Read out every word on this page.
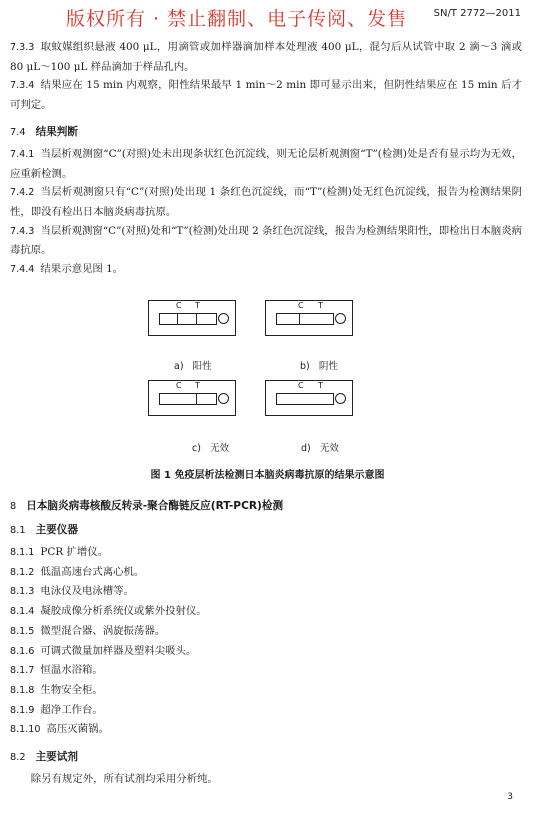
版权所有 · 禁止翻制、电子传阅、发售	SN/T 2772—2011

7.3.3 取蚊媒组织悬液 400 μL，用滴管或加样器滴加样本处理液 400 μL，混匀后从试管中取 2 滴～3 滴或 80 μL～100 μL 样品滴加于样品孔内。

7.3.4 结果应在 15 min 内观察，阳性结果最早 1 min～2 min 即可显示出来，但阴性结果应在 15 min 后才可判定。

7.4 结果判断

7.4.1 当层析观测窗“C”(对照)处未出现条状红色沉淀线，则无论层析观测窗“T”(检测)处是否有显示均为无效，应重新检测。

7.4.2 当层析观测窗只有“C”(对照)处出现 1 条红色沉淀线，而“T”(检测)处无红色沉淀线，报告为检测结果阴性，即没有检出日本脑炎病毒抗原。

7.4.3 当层析观测窗“C”(对照)处和“T”(检测)处出现 2 条红色沉淀线，报告为检测结果阳性，即检出日本脑炎病毒抗原。

7.4.4 结果示意见图 1。

C T
a) 阳性
C T
b) 阴性
C T
c) 无效
C T
d) 无效
图 1 免疫层析法检测日本脑炎病毒抗原的结果示意图
8 日本脑炎病毒核酸反转录-聚合酶链反应(RT-PCR)检测
8.1 主要仪器

8.1.1 PCR 扩增仪。

8.1.2 低温高速台式离心机。

8.1.3 电泳仪及电泳槽等。

8.1.4 凝胶成像分析系统仪或紫外投射仪。

8.1.5 微型混合器、涡旋振荡器。

8.1.6 可调式微量加样器及塑料尖吸头。

8.1.7 恒温水浴箱。

8.1.8 生物安全柜。

8.1.9 超净工作台。

8.1.10 高压灭菌锅。

8.2 主要试剂

除另有规定外，所有试剂均采用分析纯。

3
